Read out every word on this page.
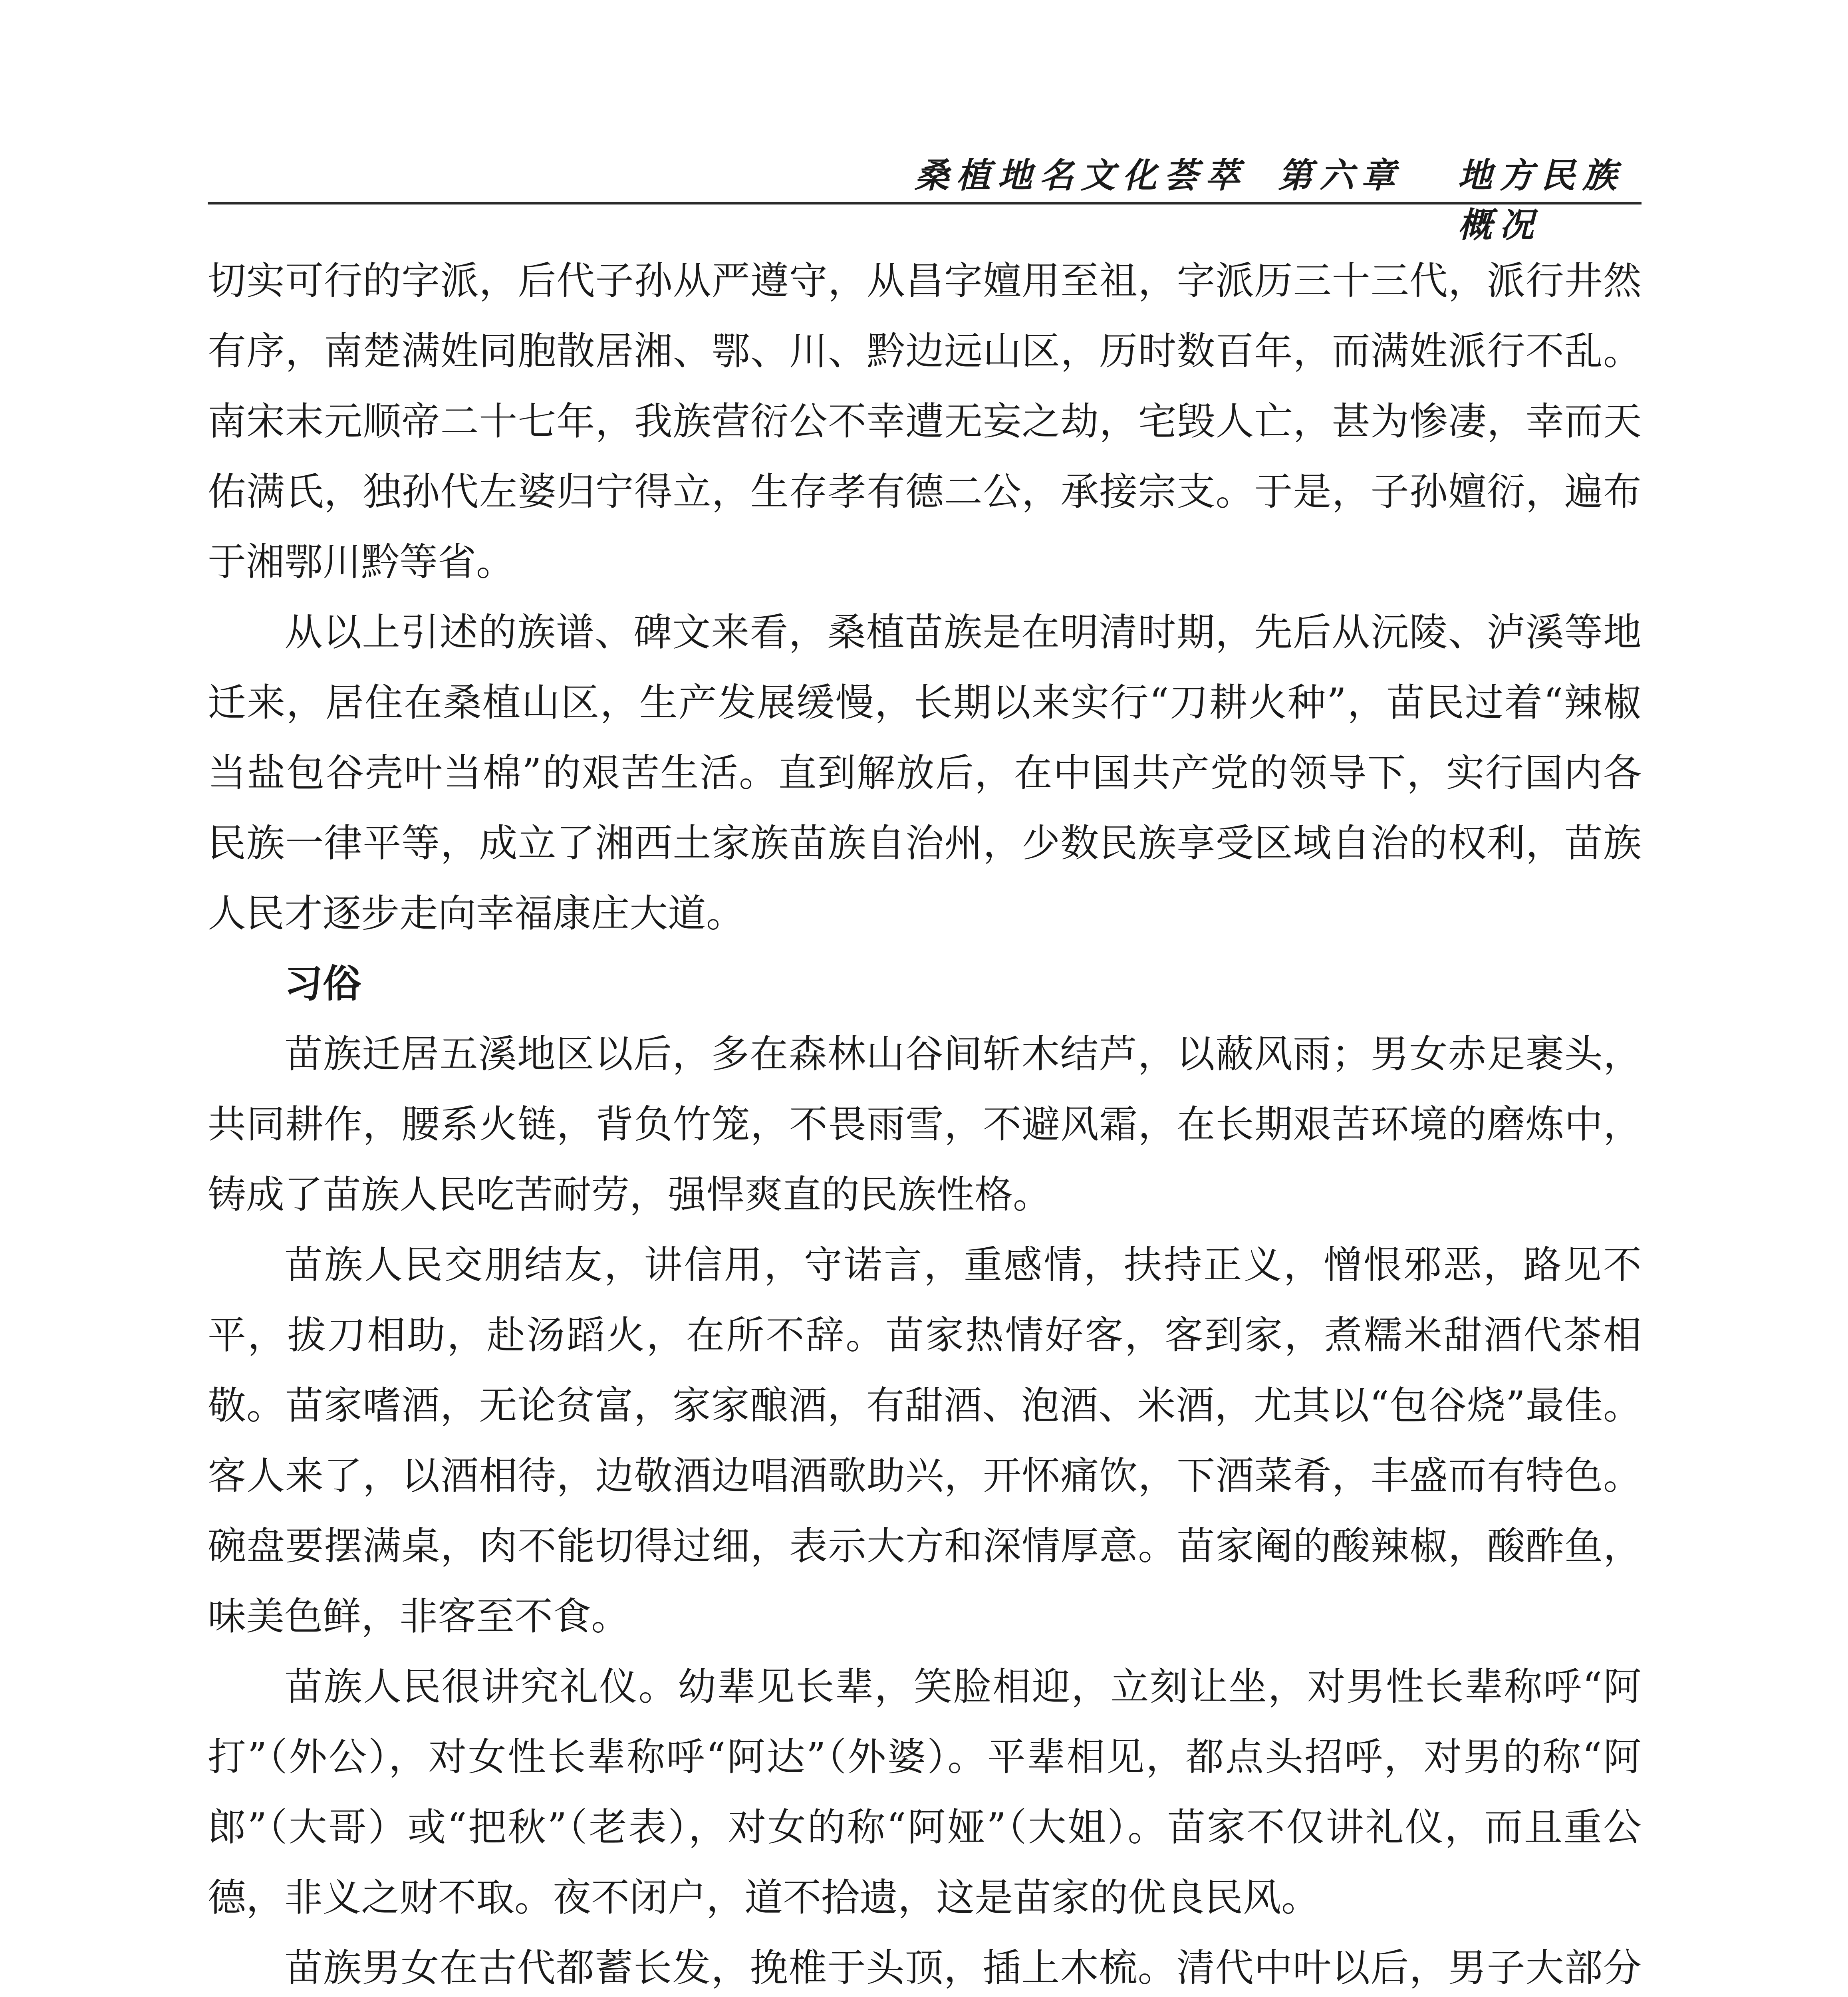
桑植地名文化荟萃 第六章 地方民族概况

切实可行的字派，后代子孙从严遵守，从昌字嬗用至祖，字派历三十三代，派行井然有序，南楚满姓同胞散居湘、鄂、川、黔边远山区，历时数百年，而满姓派行不乱。南宋末元顺帝二十七年，我族营衍公不幸遭无妄之劫，宅毁人亡，甚为惨凄，幸而天佑满氏，独孙代左婆归宁得立，生存孝有德二公，承接宗支。于是，子孙嬗衍，遍布于湘鄂川黔等省。

从以上引述的族谱、碑文来看，桑植苗族是在明清时期，先后从沅陵、泸溪等地迁来，居住在桑植山区，生产发展缓慢，长期以来实行“刀耕火种”，苗民过着“辣椒当盐包谷壳叶当棉”的艰苦生活。直到解放后，在中国共产党的领导下，实行国内各民族一律平等，成立了湘西土家族苗族自治州，少数民族享受区域自治的权利，苗族人民才逐步走向幸福康庄大道。

习俗

苗族迁居五溪地区以后，多在森林山谷间斩木结芦，以蔽风雨；男女赤足裹头，共同耕作，腰系火链，背负竹笼，不畏雨雪，不避风霜，在长期艰苦环境的磨炼中，铸成了苗族人民吃苦耐劳，强悍爽直的民族性格。

苗族人民交朋结友，讲信用，守诺言，重感情，扶持正义，憎恨邪恶，路见不平，拔刀相助，赴汤蹈火，在所不辞。苗家热情好客，客到家，煮糯米甜酒代茶相敬。苗家嗜酒，无论贫富，家家酿酒，有甜酒、泡酒、米酒，尤其以“包谷烧”最佳。客人来了，以酒相待，边敬酒边唱酒歌助兴，开怀痛饮，下酒菜肴，丰盛而有特色。碗盘要摆满桌，肉不能切得过细，表示大方和深情厚意。苗家阉的酸辣椒，酸酢鱼，味美色鲜，非客至不食。

苗族人民很讲究礼仪。幼辈见长辈，笑脸相迎，立刻让坐，对男性长辈称呼“阿打”（外公），对女性长辈称呼“阿达”（外婆）。平辈相见，都点头招呼，对男的称“阿郎”（大哥）或“把秋”（老表），对女的称“阿娅”（大姐）。苗家不仅讲礼仪，而且重公德，非义之财不取。夜不闭户，道不拾遗，这是苗家的优良民风。

苗族男女在古代都蓄长发，挽椎于头顶，插上木梳。清代中叶以后，男子大部分
